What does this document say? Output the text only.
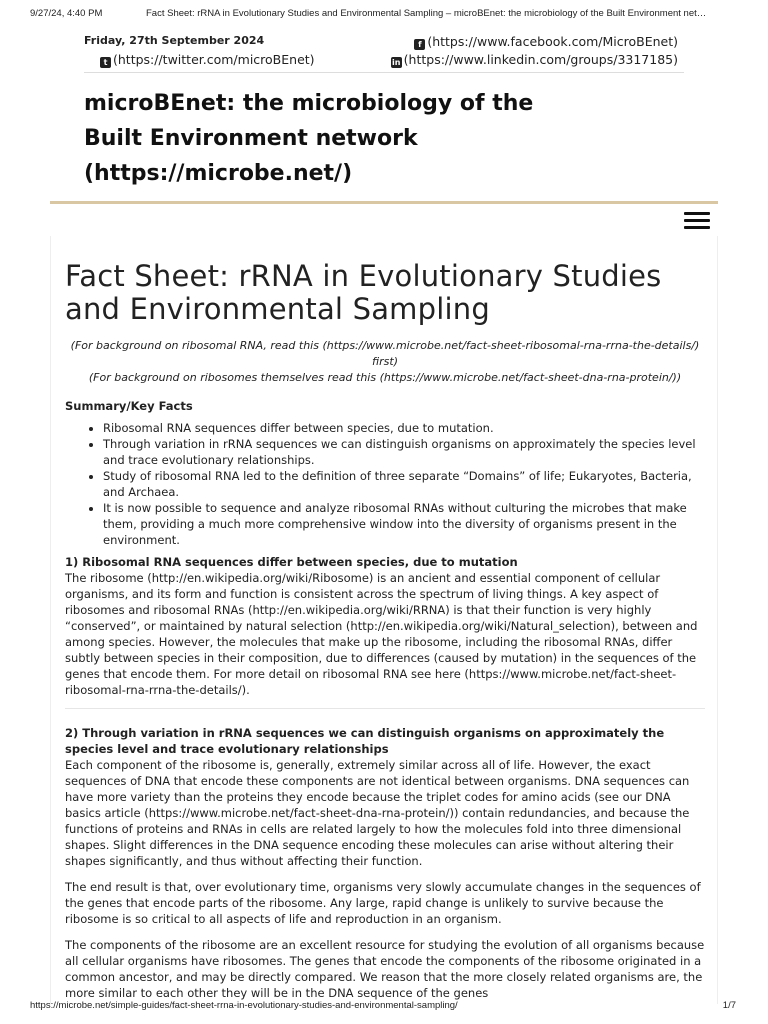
9/27/24, 4:40 PM	Fact Sheet: rRNA in Evolutionary Studies and Environmental Sampling – microBEnet: the microbiology of the Built Environment net…
Friday, 27th September 2024	f (https://www.facebook.com/MicroBEnet)
t (https://twitter.com/microBEnet)	in (https://www.linkedin.com/groups/3317185)
microBEnet: the microbiology of the
Built Environment network
(https://microbe.net/)
Fact Sheet: rRNA in Evolutionary Studies and Environmental Sampling
(For background on ribosomal RNA, read this (https://www.microbe.net/fact-sheet-ribosomal-rna-rrna-the-details/) first)
(For background on ribosomes themselves read this (https://www.microbe.net/fact-sheet-dna-rna-protein/))
Summary/Key Facts
• Ribosomal RNA sequences differ between species, due to mutation.
• Through variation in rRNA sequences we can distinguish organisms on approximately the species level and trace evolutionary relationships.
• Study of ribosomal RNA led to the definition of three separate “Domains” of life; Eukaryotes, Bacteria, and Archaea.
• It is now possible to sequence and analyze ribosomal RNAs without culturing the microbes that make them, providing a much more comprehensive window into the diversity of organisms present in the environment.
1) Ribosomal RNA sequences differ between species, due to mutation

The ribosome (http://en.wikipedia.org/wiki/Ribosome) is an ancient and essential component of cellular organisms, and its form and function is consistent across the spectrum of living things. A key aspect of ribosomes and ribosomal RNAs (http://en.wikipedia.org/wiki/RRNA) is that their function is very highly “conserved”, or maintained by natural selection (http://en.wikipedia.org/wiki/Natural_selection), between and among species. However, the molecules that make up the ribosome, including the ribosomal RNAs, differ subtly between species in their composition, due to differences (caused by mutation) in the sequences of the genes that encode them. For more detail on ribosomal RNA see here (https://www.microbe.net/fact-sheet-ribosomal-rna-rrna-the-details/).

2) Through variation in rRNA sequences we can distinguish organisms on approximately the species level and trace evolutionary relationships

Each component of the ribosome is, generally, extremely similar across all of life. However, the exact sequences of DNA that encode these components are not identical between organisms. DNA sequences can have more variety than the proteins they encode because the triplet codes for amino acids (see our DNA basics article (https://www.microbe.net/fact-sheet-dna-rna-protein/)) contain redundancies, and because the functions of proteins and RNAs in cells are related largely to how the molecules fold into three dimensional shapes. Slight differences in the DNA sequence encoding these molecules can arise without altering their shapes significantly, and thus without affecting their function.

The end result is that, over evolutionary time, organisms very slowly accumulate changes in the sequences of the genes that encode parts of the ribosome. Any large, rapid change is unlikely to survive because the ribosome is so critical to all aspects of life and reproduction in an organism.

The components of the ribosome are an excellent resource for studying the evolution of all organisms because all cellular organisms have ribosomes. The genes that encode the components of the ribosome originated in a common ancestor, and may be directly compared. We reason that the more closely related organisms are, the more similar to each other they will be in the DNA sequence of the genes

https://microbe.net/simple-guides/fact-sheet-rrna-in-evolutionary-studies-and-environmental-sampling/	1/7
